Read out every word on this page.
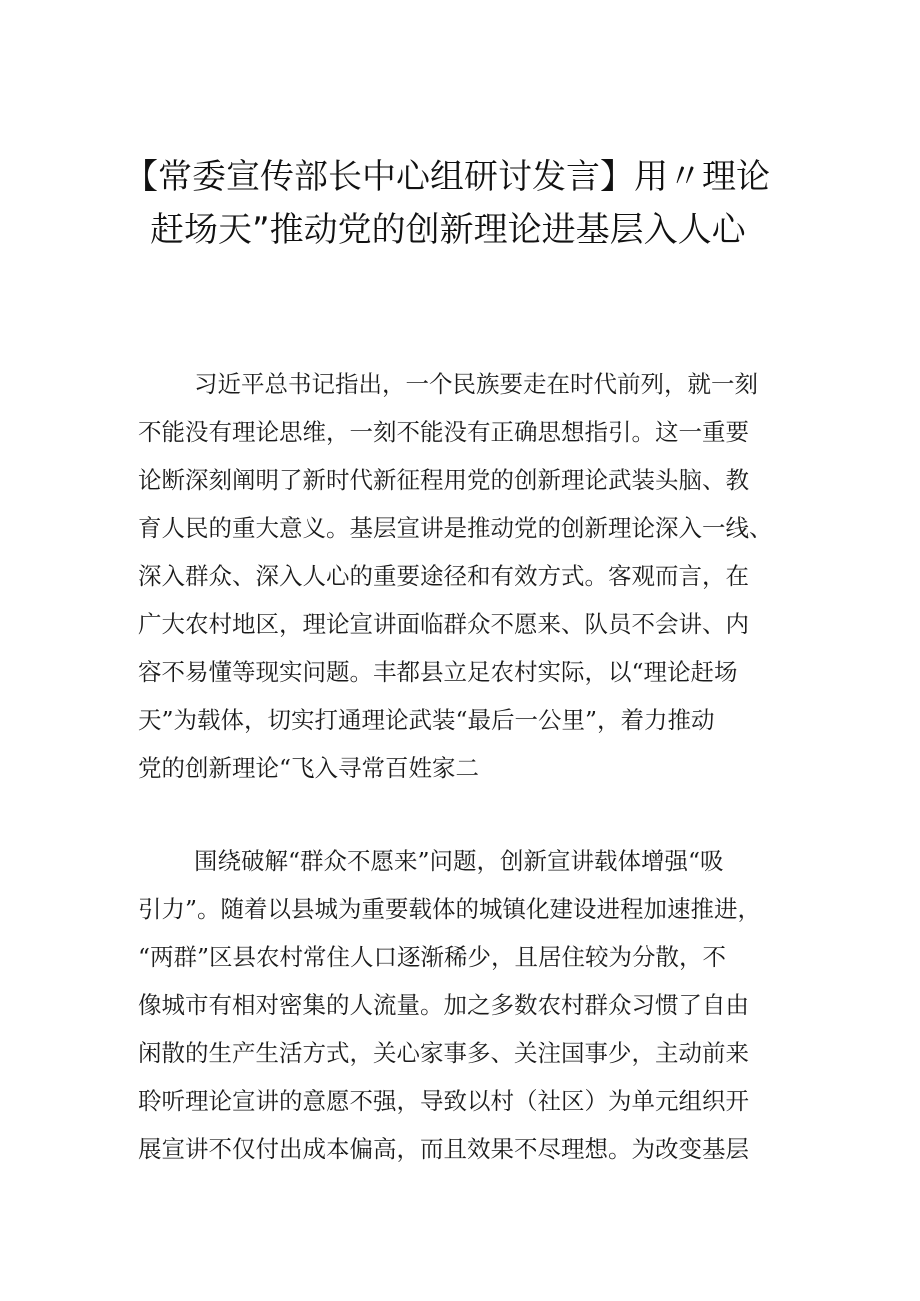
【常委宣传部长中心组研讨发言】用〃理论
赶场天”推动党的创新理论进基层入人心
习近平总书记指出，一个民族要走在时代前列，就一刻
不能没有理论思维，一刻不能没有正确思想指引。这一重要
论断深刻阐明了新时代新征程用党的创新理论武装头脑、教
育人民的重大意义。基层宣讲是推动党的创新理论深入一线、
深入群众、深入人心的重要途径和有效方式。客观而言，在
广大农村地区，理论宣讲面临群众不愿来、队员不会讲、内
容不易懂等现实问题。丰都县立足农村实际，以“理论赶场
天”为载体，切实打通理论武装“最后一公里”，着力推动
党的创新理论“飞入寻常百姓家二
围绕破解“群众不愿来”问题，创新宣讲载体增强“吸
引力”。随着以县城为重要载体的城镇化建设进程加速推进，
“两群”区县农村常住人口逐渐稀少，且居住较为分散，不
像城市有相对密集的人流量。加之多数农村群众习惯了自由
闲散的生产生活方式，关心家事多、关注国事少，主动前来
聆听理论宣讲的意愿不强，导致以村（社区）为单元组织开
展宣讲不仅付出成本偏高，而且效果不尽理想。为改变基层
